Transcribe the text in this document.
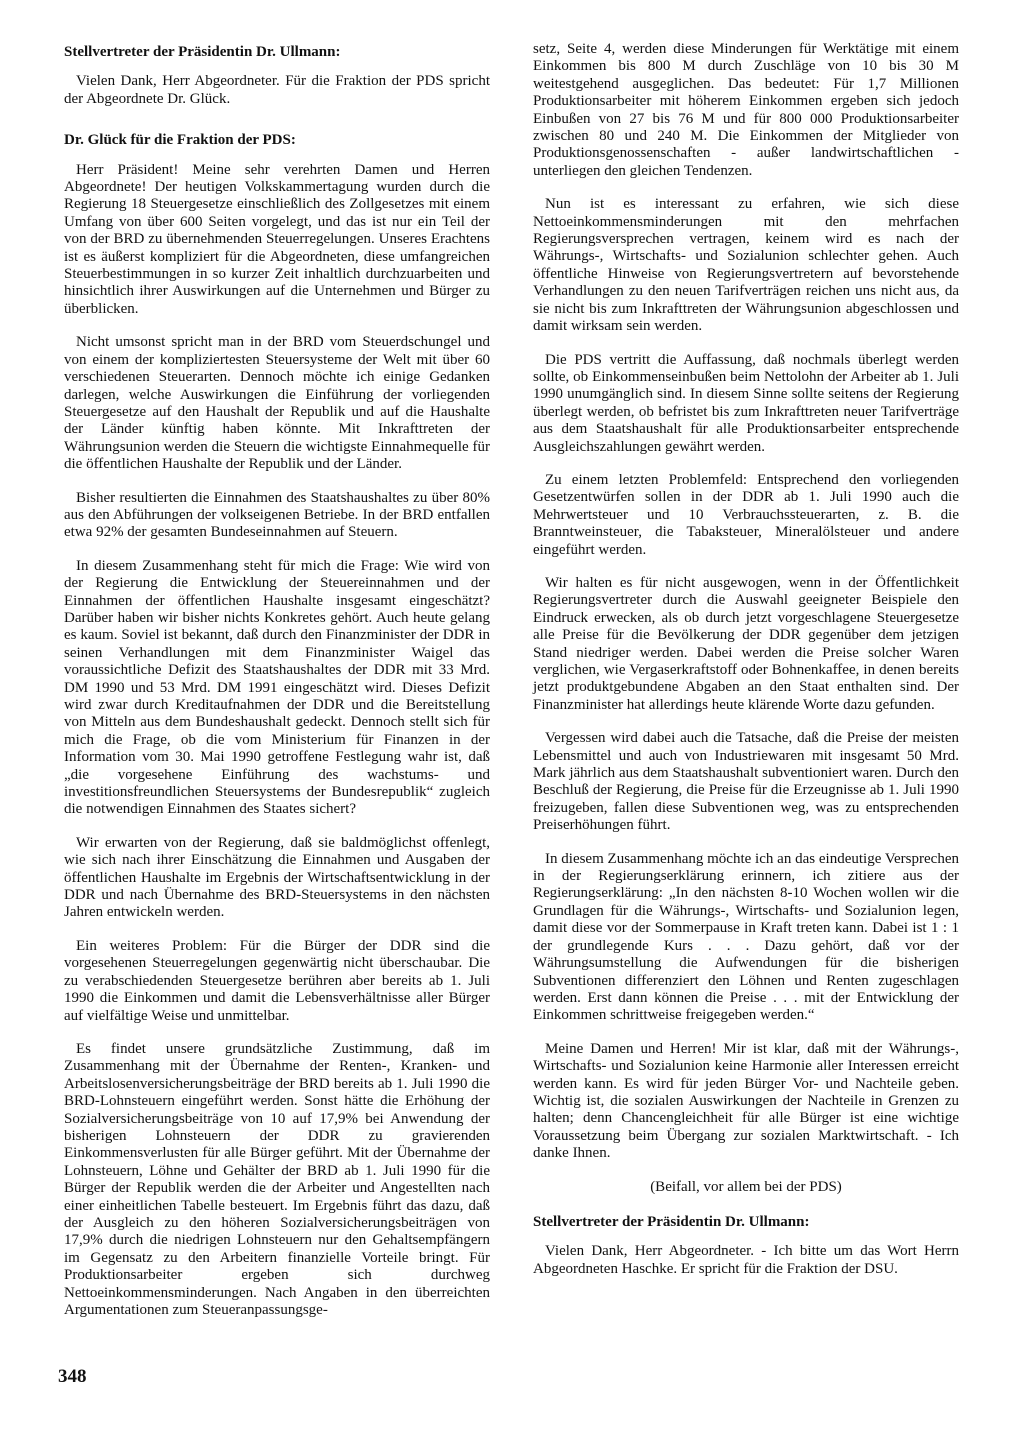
Stellvertreter der Präsidentin Dr. Ullmann:

Vielen Dank, Herr Abgeordneter. Für die Fraktion der PDS spricht der Abgeordnete Dr. Glück.

Dr. Glück für die Fraktion der PDS:

Herr Präsident! Meine sehr verehrten Damen und Herren Abgeordnete! Der heutigen Volkskammertagung wurden durch die Regierung 18 Steuergesetze einschließlich des Zollgesetzes mit einem Umfang von über 600 Seiten vorgelegt, und das ist nur ein Teil der von der BRD zu übernehmenden Steuerregelungen. Unseres Erachtens ist es äußerst kompliziert für die Abgeordneten, diese umfangreichen Steuerbestimmungen in so kurzer Zeit inhaltlich durchzuarbeiten und hinsichtlich ihrer Auswirkungen auf die Unternehmen und Bürger zu überblicken.

Nicht umsonst spricht man in der BRD vom Steuerdschungel und von einem der kompliziertesten Steuersysteme der Welt mit über 60 verschiedenen Steuerarten. Dennoch möchte ich einige Gedanken darlegen, welche Auswirkungen die Einführung der vorliegenden Steuergesetze auf den Haushalt der Republik und auf die Haushalte der Länder künftig haben könnte. Mit Inkrafttreten der Währungsunion werden die Steuern die wichtigste Einnahmequelle für die öffentlichen Haushalte der Republik und der Länder.

Bisher resultierten die Einnahmen des Staatshaushaltes zu über 80% aus den Abführungen der volkseigenen Betriebe. In der BRD entfallen etwa 92% der gesamten Bundeseinnahmen auf Steuern.

In diesem Zusammenhang steht für mich die Frage: Wie wird von der Regierung die Entwicklung der Steuereinnahmen und der Einnahmen der öffentlichen Haushalte insgesamt eingeschätzt? Darüber haben wir bisher nichts Konkretes gehört. Auch heute gelang es kaum. Soviel ist bekannt, daß durch den Finanzminister der DDR in seinen Verhandlungen mit dem Finanzminister Waigel das voraussichtliche Defizit des Staatshaushaltes der DDR mit 33 Mrd. DM 1990 und 53 Mrd. DM 1991 eingeschätzt wird. Dieses Defizit wird zwar durch Kreditaufnahmen der DDR und die Bereitstellung von Mitteln aus dem Bundeshaushalt gedeckt. Dennoch stellt sich für mich die Frage, ob die vom Ministerium für Finanzen in der Information vom 30. Mai 1990 getroffene Festlegung wahr ist, daß „die vorgesehene Einführung des wachstums- und investitionsfreundlichen Steuersystems der Bundesrepublik“ zugleich die notwendigen Einnahmen des Staates sichert?

Wir erwarten von der Regierung, daß sie baldmöglichst offenlegt, wie sich nach ihrer Einschätzung die Einnahmen und Ausgaben der öffentlichen Haushalte im Ergebnis der Wirtschaftsentwicklung in der DDR und nach Übernahme des BRD-Steuersystems in den nächsten Jahren entwickeln werden.

Ein weiteres Problem: Für die Bürger der DDR sind die vorgesehenen Steuerregelungen gegenwärtig nicht überschaubar. Die zu verabschiedenden Steuergesetze berühren aber bereits ab 1. Juli 1990 die Einkommen und damit die Lebensverhältnisse aller Bürger auf vielfältige Weise und unmittelbar.

Es findet unsere grundsätzliche Zustimmung, daß im Zusammenhang mit der Übernahme der Renten-, Kranken- und Arbeitslosenversicherungsbeiträge der BRD bereits ab 1. Juli 1990 die BRD-Lohnsteuern eingeführt werden. Sonst hätte die Erhöhung der Sozialversicherungsbeiträge von 10 auf 17,9% bei Anwendung der bisherigen Lohnsteuern der DDR zu gravierenden Einkommensverlusten für alle Bürger geführt. Mit der Übernahme der Lohnsteuern, Löhne und Gehälter der BRD ab 1. Juli 1990 für die Bürger der Republik werden die der Arbeiter und Angestellten nach einer einheitlichen Tabelle besteuert. Im Ergebnis führt das dazu, daß der Ausgleich zu den höheren Sozialversicherungsbeiträgen von 17,9% durch die niedrigen Lohnsteuern nur den Gehaltsempfängern im Gegensatz zu den Arbeitern finanzielle Vorteile bringt. Für Produktionsarbeiter ergeben sich durchweg Nettoeinkommensminderungen. Nach Angaben in den überreichten Argumentationen zum Steueranpassungsge-

setz, Seite 4, werden diese Minderungen für Werktätige mit einem Einkommen bis 800 M durch Zuschläge von 10 bis 30 M weitestgehend ausgeglichen. Das bedeutet: Für 1,7 Millionen Produktionsarbeiter mit höherem Einkommen ergeben sich jedoch Einbußen von 27 bis 76 M und für 800 000 Produktionsarbeiter zwischen 80 und 240 M. Die Einkommen der Mitglieder von Produktionsgenossenschaften - außer landwirtschaftlichen - unterliegen den gleichen Tendenzen.

Nun ist es interessant zu erfahren, wie sich diese Nettoeinkommensminderungen mit den mehrfachen Regierungsversprechen vertragen, keinem wird es nach der Währungs-, Wirtschafts- und Sozialunion schlechter gehen. Auch öffentliche Hinweise von Regierungsvertretern auf bevorstehende Verhandlungen zu den neuen Tarifverträgen reichen uns nicht aus, da sie nicht bis zum Inkrafttreten der Währungsunion abgeschlossen und damit wirksam sein werden.

Die PDS vertritt die Auffassung, daß nochmals überlegt werden sollte, ob Einkommenseinbußen beim Nettolohn der Arbeiter ab 1. Juli 1990 unumgänglich sind. In diesem Sinne sollte seitens der Regierung überlegt werden, ob befristet bis zum Inkrafttreten neuer Tarifverträge aus dem Staatshaushalt für alle Produktionsarbeiter entsprechende Ausgleichszahlungen gewährt werden.

Zu einem letzten Problemfeld: Entsprechend den vorliegenden Gesetzentwürfen sollen in der DDR ab 1. Juli 1990 auch die Mehrwertsteuer und 10 Verbrauchssteuerarten, z. B. die Branntweinsteuer, die Tabaksteuer, Mineralölsteuer und andere eingeführt werden.

Wir halten es für nicht ausgewogen, wenn in der Öffentlichkeit Regierungsvertreter durch die Auswahl geeigneter Beispiele den Eindruck erwecken, als ob durch jetzt vorgeschlagene Steuergesetze alle Preise für die Bevölkerung der DDR gegenüber dem jetzigen Stand niedriger werden. Dabei werden die Preise solcher Waren verglichen, wie Vergaserkraftstoff oder Bohnenkaffee, in denen bereits jetzt produktgebundene Abgaben an den Staat enthalten sind. Der Finanzminister hat allerdings heute klärende Worte dazu gefunden.

Vergessen wird dabei auch die Tatsache, daß die Preise der meisten Lebensmittel und auch von Industriewaren mit insgesamt 50 Mrd. Mark jährlich aus dem Staatshaushalt subventioniert waren. Durch den Beschluß der Regierung, die Preise für die Erzeugnisse ab 1. Juli 1990 freizugeben, fallen diese Subventionen weg, was zu entsprechenden Preiserhöhungen führt.

In diesem Zusammenhang möchte ich an das eindeutige Versprechen in der Regierungserklärung erinnern, ich zitiere aus der Regierungserklärung: „In den nächsten 8-10 Wochen wollen wir die Grundlagen für die Währungs-, Wirtschafts- und Sozialunion legen, damit diese vor der Sommerpause in Kraft treten kann. Dabei ist 1 : 1 der grundlegende Kurs . . . Dazu gehört, daß vor der Währungsumstellung die Aufwendungen für die bisherigen Subventionen differenziert den Löhnen und Renten zugeschlagen werden. Erst dann können die Preise . . . mit der Entwicklung der Einkommen schrittweise freigegeben werden.“

Meine Damen und Herren! Mir ist klar, daß mit der Währungs-, Wirtschafts- und Sozialunion keine Harmonie aller Interessen erreicht werden kann. Es wird für jeden Bürger Vor- und Nachteile geben. Wichtig ist, die sozialen Auswirkungen der Nachteile in Grenzen zu halten; denn Chancengleichheit für alle Bürger ist eine wichtige Voraussetzung beim Übergang zur sozialen Marktwirtschaft. - Ich danke Ihnen.

(Beifall, vor allem bei der PDS)

Stellvertreter der Präsidentin Dr. Ullmann:

Vielen Dank, Herr Abgeordneter. - Ich bitte um das Wort Herrn Abgeordneten Haschke. Er spricht für die Fraktion der DSU.

348
